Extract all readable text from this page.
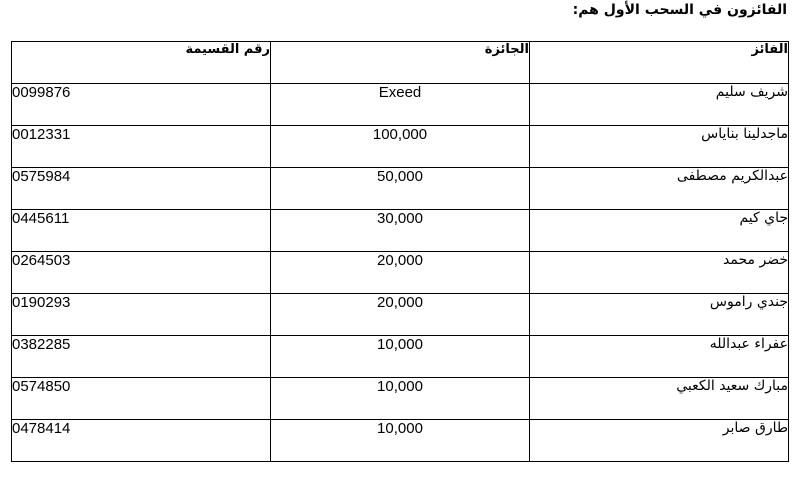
الفائزون في السحب الأول هم:
رقم القسيمة	الجائزة	الفائز
0099876	Exeed	شريف سليم
0012331	100,000	ماجدلينا بناياس
0575984	50,000	عبدالكريم مصطفى
0445611	30,000	جاي كيم
0264503	20,000	خضر محمد
0190293	20,000	جندي راموس
0382285	10,000	عفراء عبدالله
0574850	10,000	مبارك سعيد الكعبي
0478414	10,000	طارق صابر
